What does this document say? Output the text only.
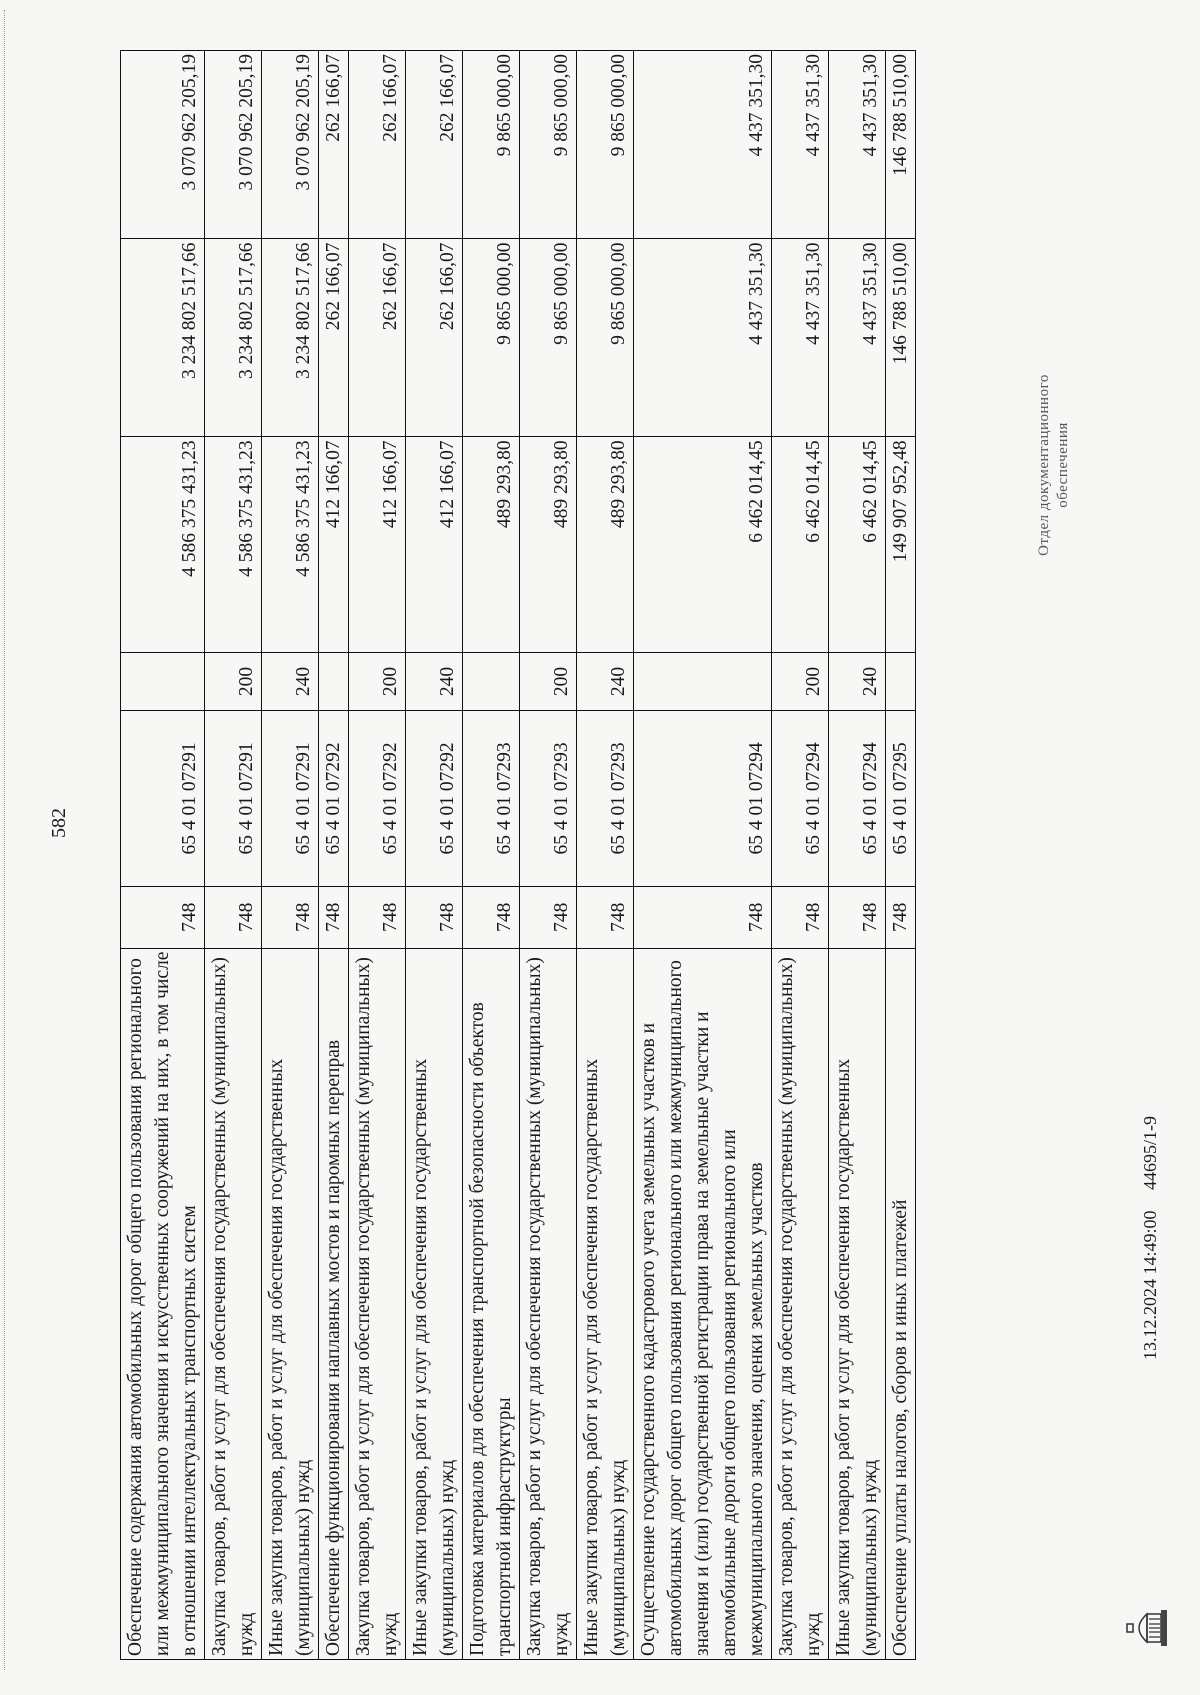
582
Обеспечение содержания автомобильных дорог общего пользования регионального или межмуниципального значения и искусственных сооружений на них, в том числе в отношении интеллектуальных транспортных систем	748	65 4 01 07291		4 586 375 431,23	3 234 802 517,66	3 070 962 205,19
Закупка товаров, работ и услуг для обеспечения государственных (муниципальных) нужд	748	65 4 01 07291	200	4 586 375 431,23	3 234 802 517,66	3 070 962 205,19
Иные закупки товаров, работ и услуг для обеспечения государственных (муниципальных) нужд	748	65 4 01 07291	240	4 586 375 431,23	3 234 802 517,66	3 070 962 205,19
Обеспечение функционирования наплавных мостов и паромных переправ	748	65 4 01 07292		412 166,07	262 166,07	262 166,07
Закупка товаров, работ и услуг для обеспечения государственных (муниципальных) нужд	748	65 4 01 07292	200	412 166,07	262 166,07	262 166,07
Иные закупки товаров, работ и услуг для обеспечения государственных (муниципальных) нужд	748	65 4 01 07292	240	412 166,07	262 166,07	262 166,07
Подготовка материалов для обеспечения транспортной безопасности объектов транспортной инфраструктуры	748	65 4 01 07293		489 293,80	9 865 000,00	9 865 000,00
Закупка товаров, работ и услуг для обеспечения государственных (муниципальных) нужд	748	65 4 01 07293	200	489 293,80	9 865 000,00	9 865 000,00
Иные закупки товаров, работ и услуг для обеспечения государственных (муниципальных) нужд	748	65 4 01 07293	240	489 293,80	9 865 000,00	9 865 000,00
Осуществление государственного кадастрового учета земельных участков и автомобильных дорог общего пользования регионального или межмуниципального значения и (или) государственной регистрации права на земельные участки и автомобильные дороги общего пользования регионального или межмуниципального значения, оценки земельных участков	748	65 4 01 07294		6 462 014,45	4 437 351,30	4 437 351,30
Закупка товаров, работ и услуг для обеспечения государственных (муниципальных) нужд	748	65 4 01 07294	200	6 462 014,45	4 437 351,30	4 437 351,30
Иные закупки товаров, работ и услуг для обеспечения государственных (муниципальных) нужд	748	65 4 01 07294	240	6 462 014,45	4 437 351,30	4 437 351,30
Обеспечение уплаты налогов, сборов и иных платежей	748	65 4 01 07295		149 907 952,48	146 788 510,00	146 788 510,00
13.12.2024 14:49:00
44695/1-9
Отдел документационного обеспечения
